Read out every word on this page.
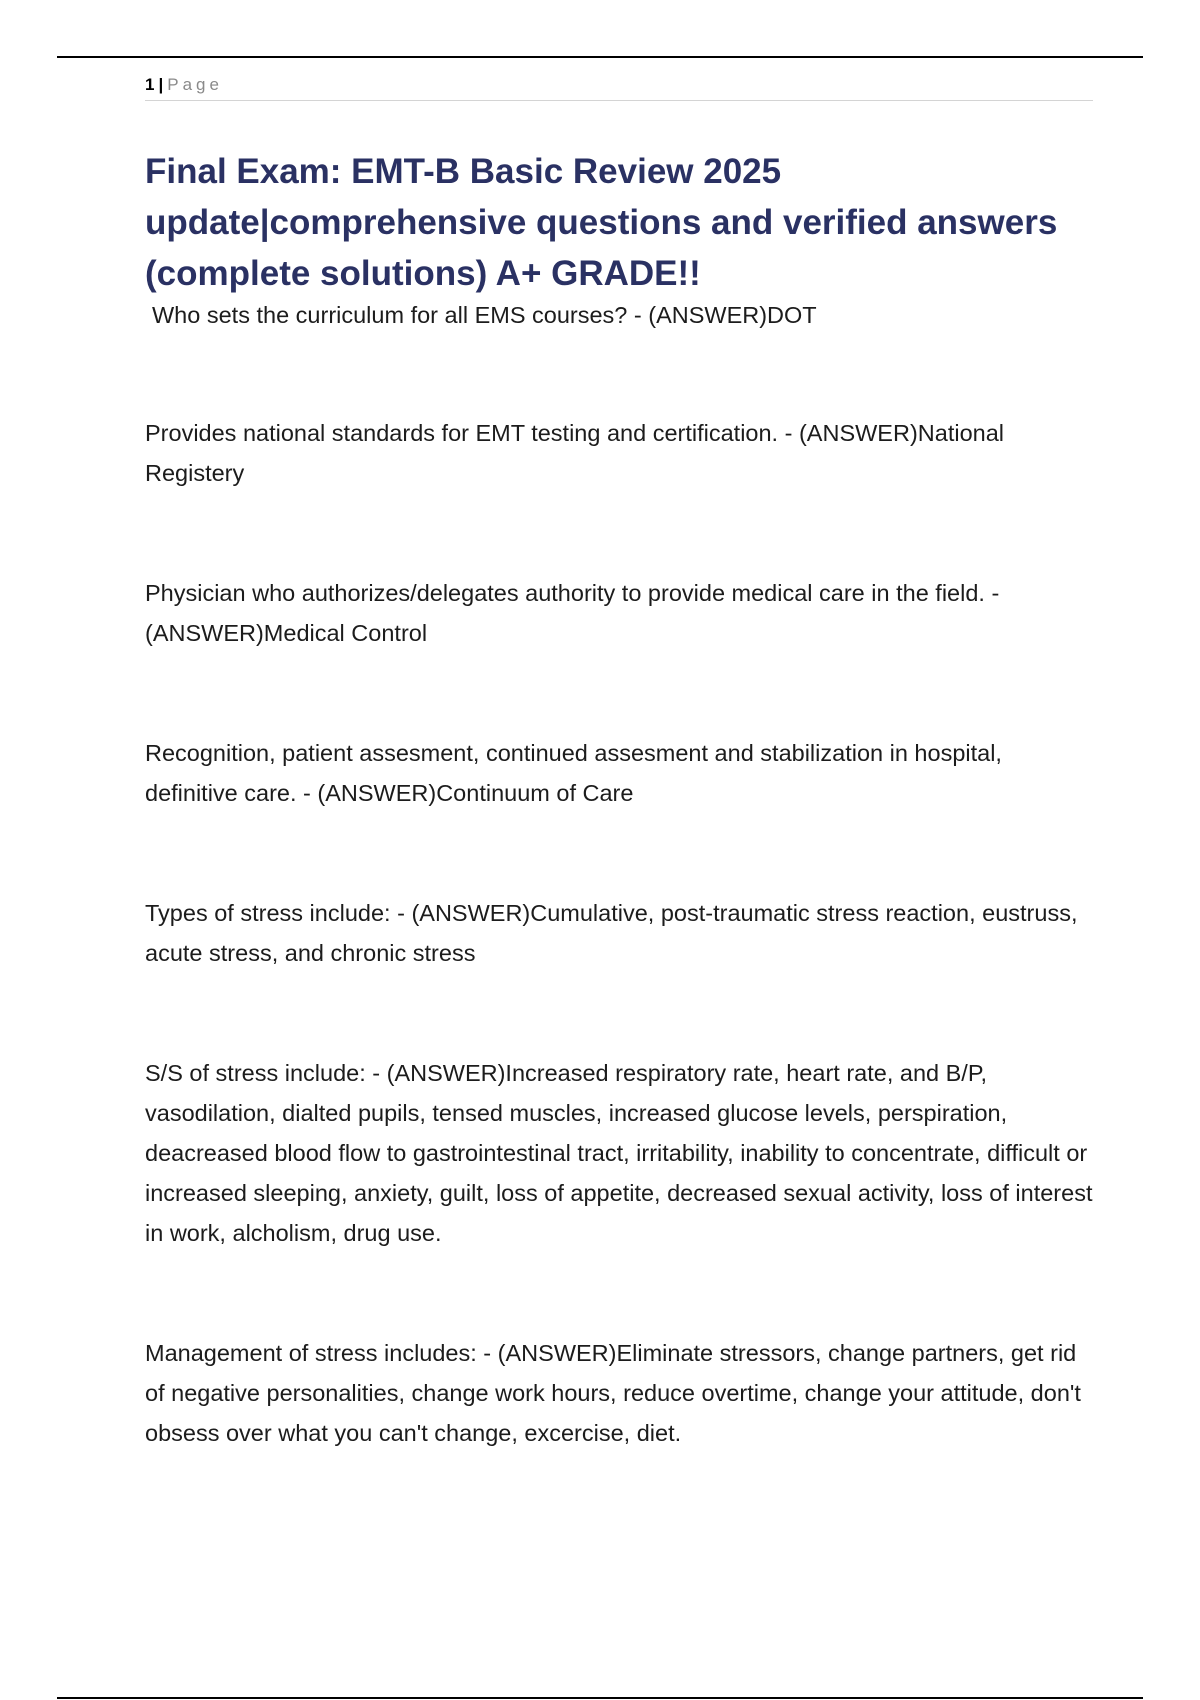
1 | Page
Final Exam: EMT-B Basic Review 2025 update|comprehensive questions and verified answers (complete solutions) A+ GRADE!!

Who sets the curriculum for all EMS courses? - (ANSWER)DOT

Provides national standards for EMT testing and certification. - (ANSWER)National Registery

Physician who authorizes/delegates authority to provide medical care in the field. - (ANSWER)Medical Control

Recognition, patient assesment, continued assesment and stabilization in hospital, definitive care. - (ANSWER)Continuum of Care

Types of stress include: - (ANSWER)Cumulative, post-traumatic stress reaction, eustruss, acute stress, and chronic stress

S/S of stress include: - (ANSWER)Increased respiratory rate, heart rate, and B/P, vasodilation, dialted pupils, tensed muscles, increased glucose levels, perspiration, deacreased blood flow to gastrointestinal tract, irritability, inability to concentrate, difficult or increased sleeping, anxiety, guilt, loss of appetite, decreased sexual activity, loss of interest in work, alcholism, drug use.

Management of stress includes: - (ANSWER)Eliminate stressors, change partners, get rid of negative personalities, change work hours, reduce overtime, change your attitude, don't obsess over what you can't change, excercise, diet.
